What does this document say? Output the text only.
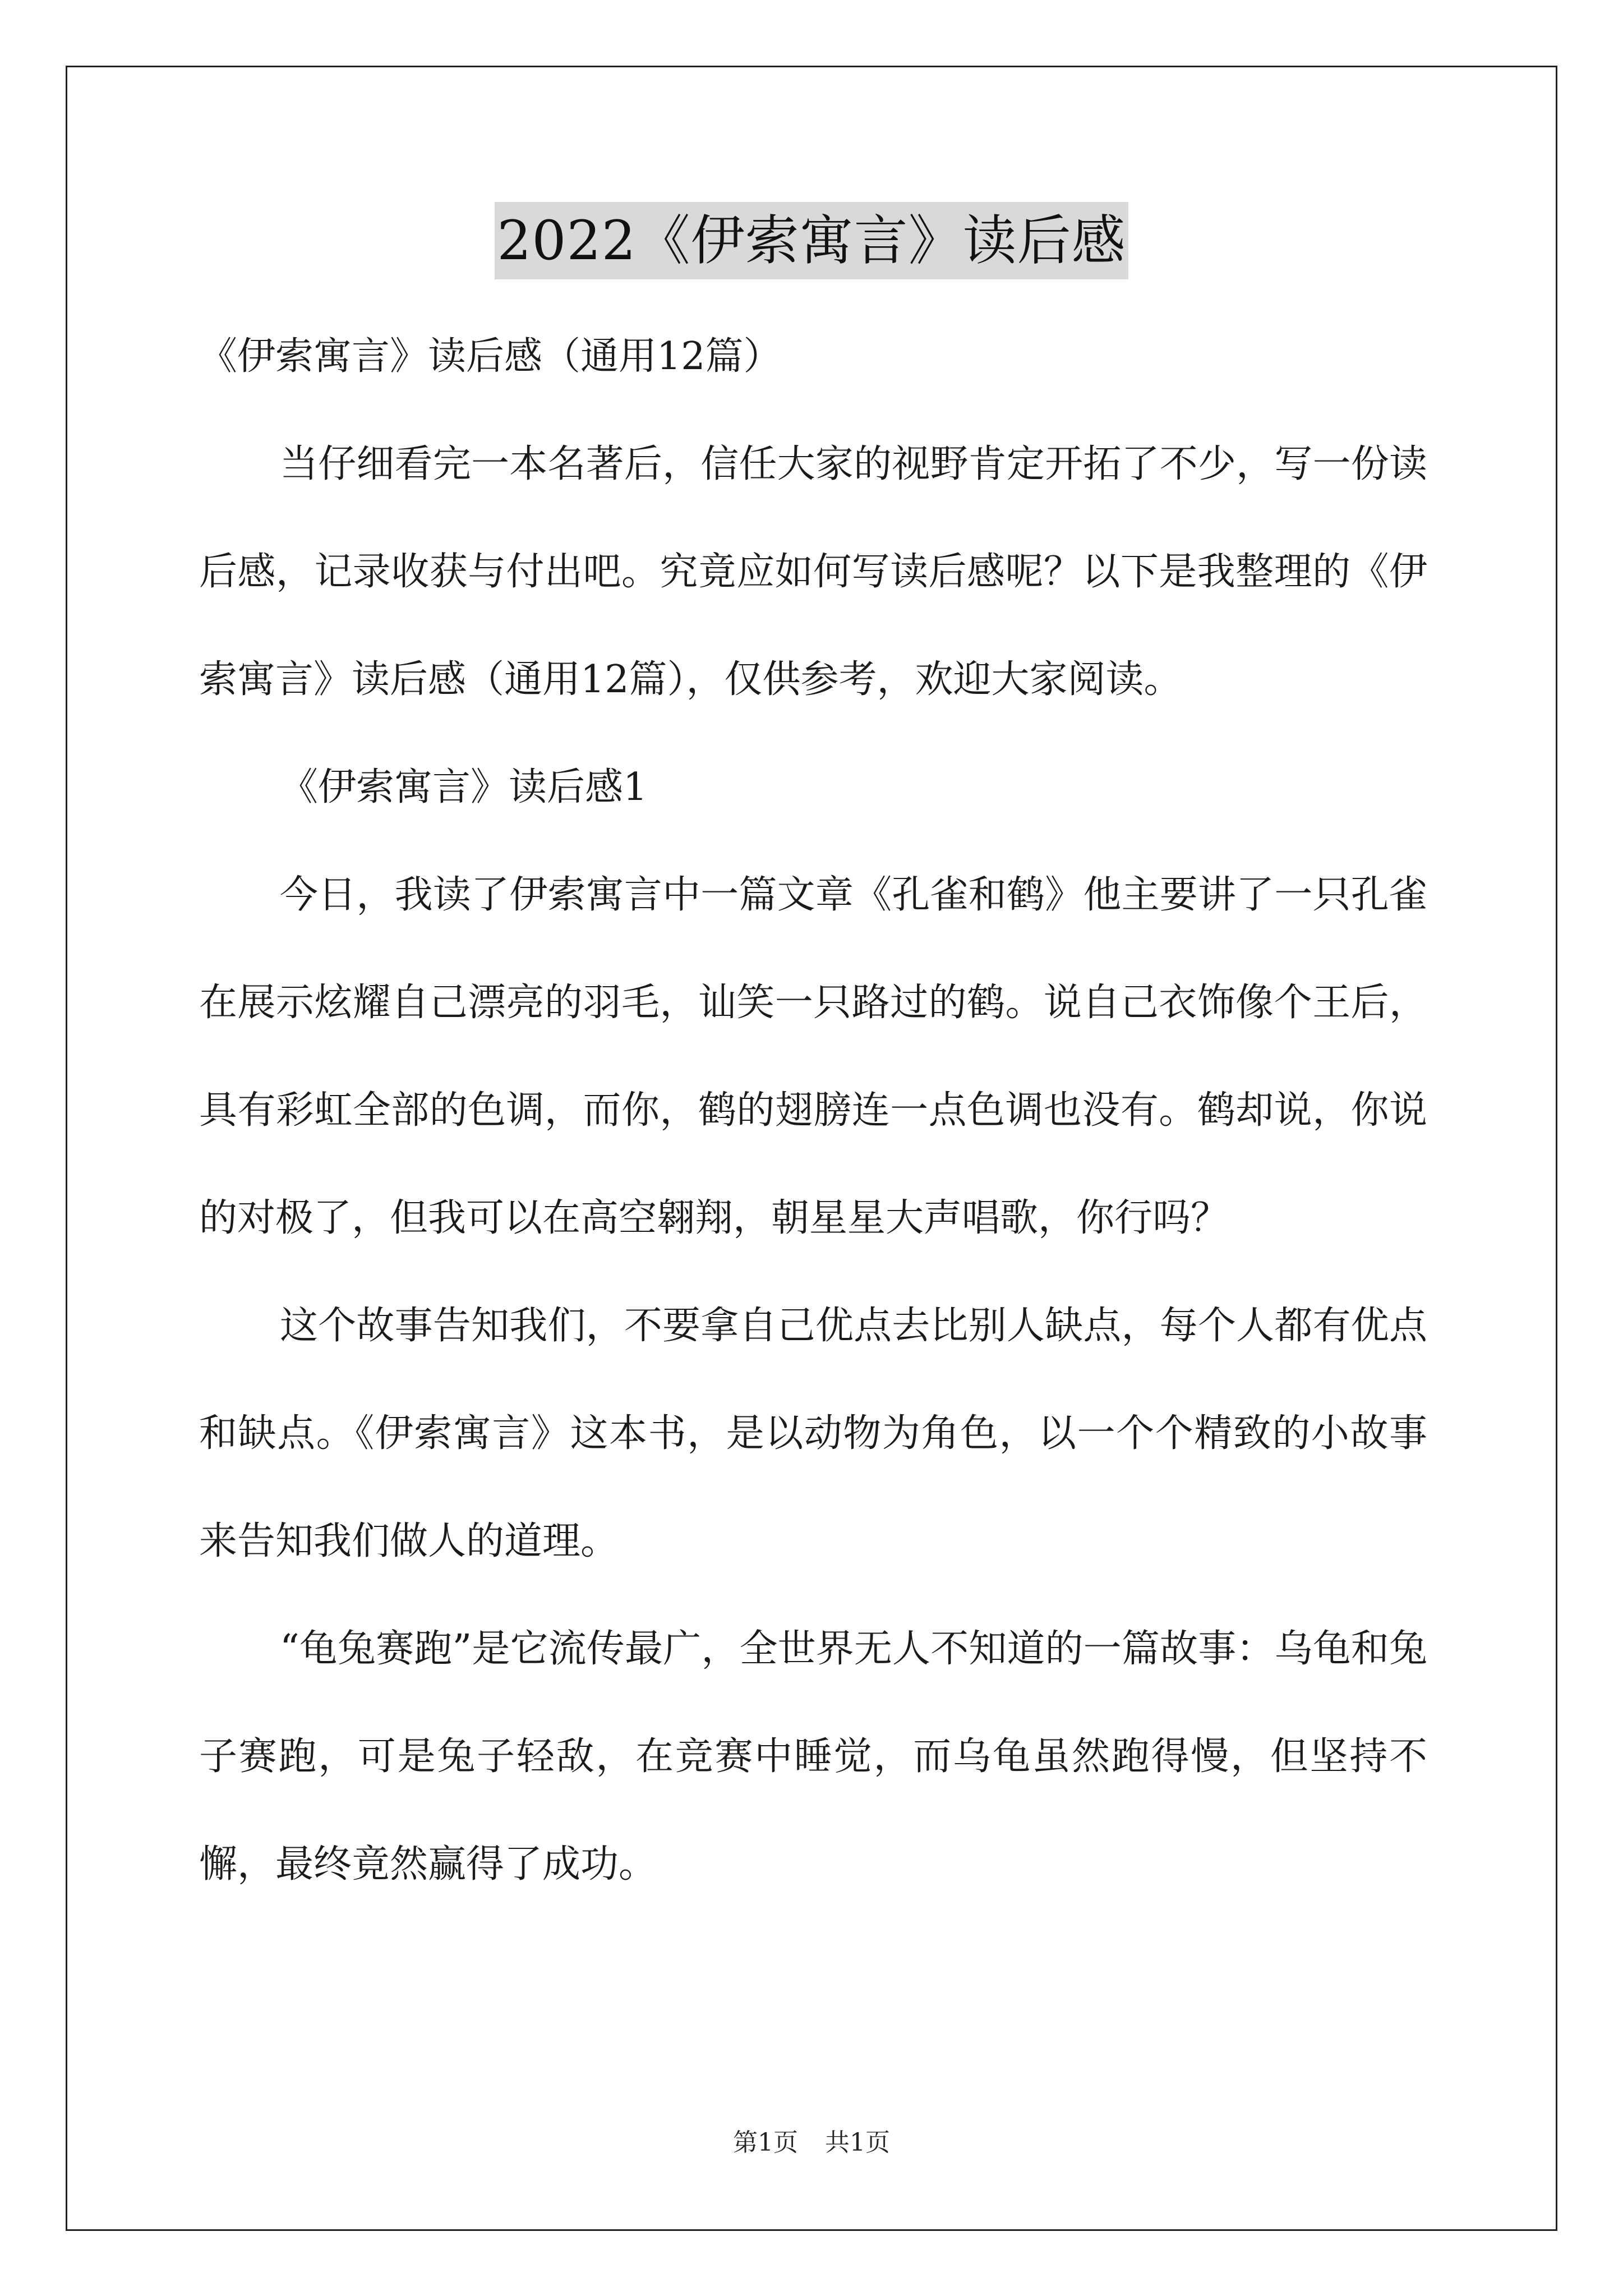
2022《伊索寓言》读后感

《伊索寓言》读后感（通用12篇）

当仔细看完一本名著后，信任大家的视野肯定开拓了不少，写一份读后感，记录收获与付出吧。究竟应如何写读后感呢？以下是我整理的《伊索寓言》读后感（通用12篇），仅供参考，欢迎大家阅读。

《伊索寓言》读后感1

今日，我读了伊索寓言中一篇文章《孔雀和鹤》他主要讲了一只孔雀在展示炫耀自己漂亮的羽毛，讪笑一只路过的鹤。说自己衣饰像个王后，具有彩虹全部的色调，而你，鹤的翅膀连一点色调也没有。鹤却说，你说的对极了，但我可以在高空翱翔，朝星星大声唱歌，你行吗？

这个故事告知我们，不要拿自己优点去比别人缺点，每个人都有优点和缺点。《伊索寓言》这本书，是以动物为角色，以一个个精致的小故事来告知我们做人的道理。

“龟兔赛跑”是它流传最广，全世界无人不知道的一篇故事：乌龟和兔子赛跑，可是兔子轻敌，在竞赛中睡觉，而乌龟虽然跑得慢，但坚持不懈，最终竟然赢得了成功。

第1页 共1页
